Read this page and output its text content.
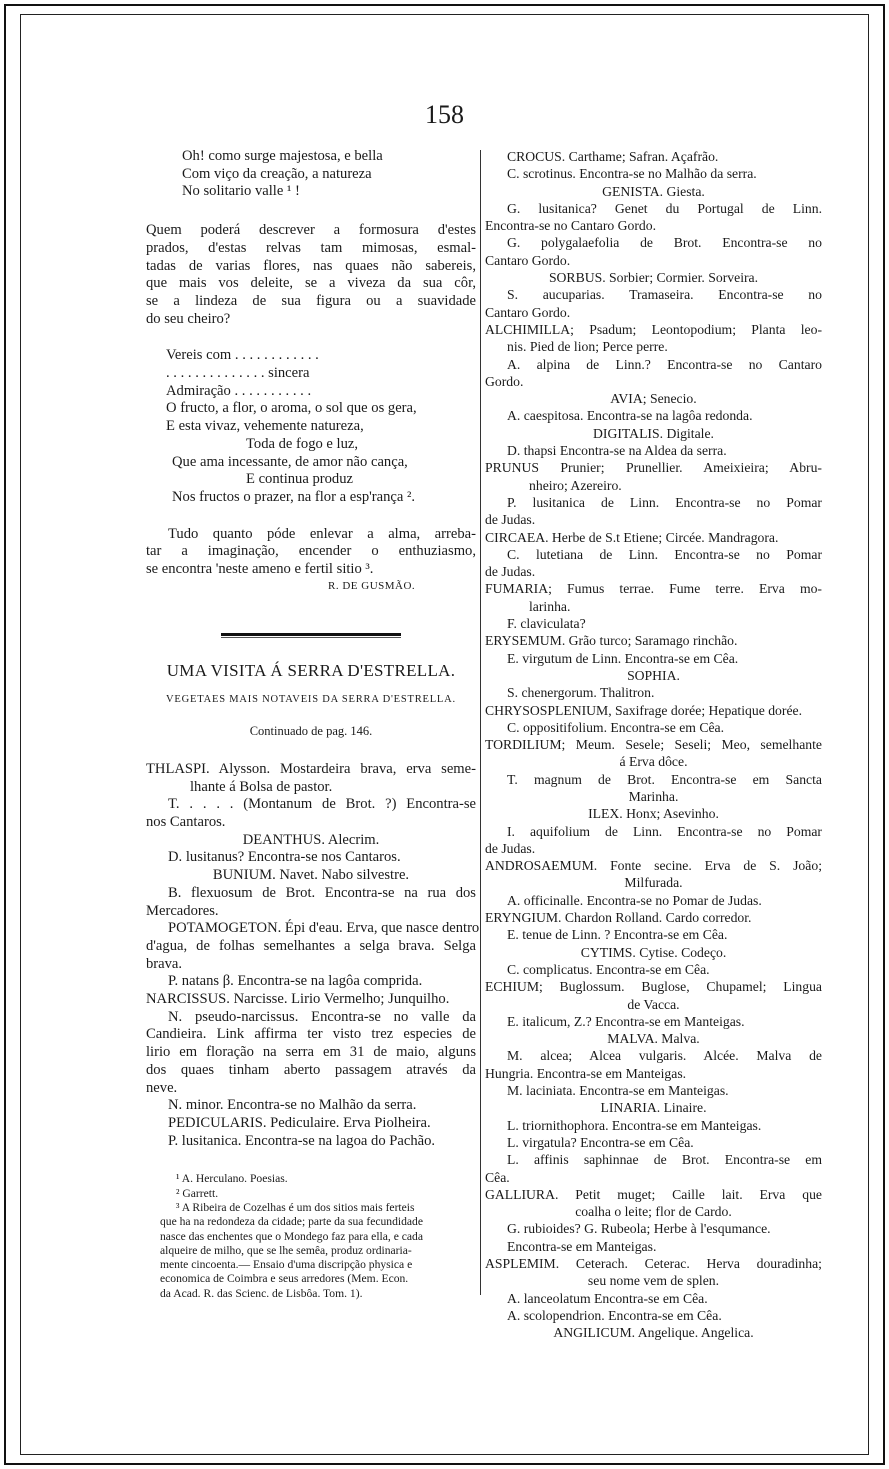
158
Oh! como surge majestosa, e bella
Com viço da creação, a natureza
No solitario valle ¹ !
Quem poderá descrever a formosura d'estes
prados, d'estas relvas tam mimosas, esmal-
tadas de varias flores, nas quaes não sabereis,
que mais vos deleite, se a viveza da sua côr,
se a lindeza de sua figura ou a suavidade
do seu cheiro?
Vereis com . . . . . . . . . . . .
. . . . . . . . . . . . . . sincera
Admiração . . . . . . . . . . .
O fructo, a flor, o aroma, o sol que os gera,
E esta vivaz, vehemente natureza,
Toda de fogo e luz,
Que ama incessante, de amor não cança,
E continua produz
Nos fructos o prazer, na flor a esp'rança ².
Tudo quanto póde enlevar a alma, arreba-
tar a imaginação, encender o enthuziasmo,
se encontra 'neste ameno e fertil sitio ³.
R. DE GUSMÃO.
UMA VISITA Á SERRA D'ESTRELLA.
VEGETAES MAIS NOTAVEIS DA SERRA D'ESTRELLA.
Continuado de pag. 146.
THLASPI. Alysson. Mostardeira brava, erva seme-
lhante á Bolsa de pastor.
T. . . . . (Montanum de Brot. ?) Encontra-se
nos Cantaros.
DEANTHUS. Alecrim.
D. lusitanus? Encontra-se nos Cantaros.
BUNIUM. Navet. Nabo silvestre.
B. flexuosum de Brot. Encontra-se na rua dos
Mercadores.
POTAMOGETON. Épi d'eau. Erva, que nasce dentro
d'agua, de folhas semelhantes a selga brava. Selga
brava.
P. natans β. Encontra-se na lagôa comprida.
NARCISSUS. Narcisse. Lirio Vermelho; Junquilho.
N. pseudo-narcissus. Encontra-se no valle da
Candieira. Link affirma ter visto trez especies de
lirio em floração na serra em 31 de maio, alguns
dos quaes tinham aberto passagem através da
neve.
N. minor. Encontra-se no Malhão da serra.
PEDICULARIS. Pediculaire. Erva Piolheira.
P. lusitanica. Encontra-se na lagoa do Pachão.
¹ A. Herculano. Poesias.
² Garrett.
³ A Ribeira de Cozelhas é um dos sitios mais ferteis
que ha na redondeza da cidade; parte da sua fecundidade
nasce das enchentes que o Mondego faz para ella, e cada
alqueire de milho, que se lhe semêa, produz ordinaria-
mente cincoenta.— Ensaio d'uma discripção physica e
economica de Coimbra e seus arredores (Mem. Econ.
da Acad. R. das Scienc. de Lisbôa. Tom. 1).
CROCUS. Carthame; Safran. Açafrão.
C. scrotinus. Encontra-se no Malhão da serra.
GENISTA. Giesta.
G. lusitanica? Genet du Portugal de Linn.
Encontra-se no Cantaro Gordo.
G. polygalaefolia de Brot. Encontra-se no
Cantaro Gordo.
SORBUS. Sorbier; Cormier. Sorveira.
S. aucuparias. Tramaseira. Encontra-se no
Cantaro Gordo.
ALCHIMILLA; Psadum; Leontopodium; Planta leo-
nis. Pied de lion; Perce perre.
A. alpina de Linn.? Encontra-se no Cantaro
Gordo.
AVIA; Senecio.
A. caespitosa. Encontra-se na lagôa redonda.
DIGITALIS. Digitale.
D. thapsi Encontra-se na Aldea da serra.
PRUNUS Prunier; Prunellier. Ameixieira; Abru-
nheiro; Azereiro.
P. lusitanica de Linn. Encontra-se no Pomar
de Judas.
CIRCAEA. Herbe de S.t Etiene; Circée. Mandragora.
C. lutetiana de Linn. Encontra-se no Pomar
de Judas.
FUMARIA; Fumus terrae. Fume terre. Erva mo-
larinha.
F. claviculata?
ERYSEMUM. Grão turco; Saramago rinchão.
E. virgutum de Linn. Encontra-se em Cêa.
SOPHIA.
S. chenergorum. Thalitron.
CHRYSOSPLENIUM, Saxifrage dorée; Hepatique dorée.
C. oppositifolium. Encontra-se em Cêa.
TORDILIUM; Meum. Sesele; Seseli; Meo, semelhante
á Erva dôce.
T. magnum de Brot. Encontra-se em Sancta
Marinha.
ILEX. Honx; Asevinho.
I. aquifolium de Linn. Encontra-se no Pomar
de Judas.
ANDROSAEMUM. Fonte secine. Erva de S. João;
Milfurada.
A. officinalle. Encontra-se no Pomar de Judas.
ERYNGIUM. Chardon Rolland. Cardo corredor.
E. tenue de Linn. ? Encontra-se em Cêa.
CYTIMS. Cytise. Codeço.
C. complicatus. Encontra-se em Cêa.
ECHIUM; Buglossum. Buglose, Chupamel; Lingua
de Vacca.
E. italicum, Z.? Encontra-se em Manteigas.
MALVA. Malva.
M. alcea; Alcea vulgaris. Alcée. Malva de
Hungria. Encontra-se em Manteigas.
M. laciniata. Encontra-se em Manteigas.
LINARIA. Linaire.
L. triornithophora. Encontra-se em Manteigas.
L. virgatula? Encontra-se em Cêa.
L. affinis saphinnae de Brot. Encontra-se em
Cêa.
GALLIURA. Petit muget; Caille lait. Erva que
coalha o leite; flor de Cardo.
G. rubioides? G. Rubeola; Herbe à l'esqumance.
Encontra-se em Manteigas.
ASPLEMIM. Ceterach. Ceterac. Herva douradinha;
seu nome vem de splen.
A. lanceolatum Encontra-se em Cêa.
A. scolopendrion. Encontra-se em Cêa.
ANGILICUM. Angelique. Angelica.
